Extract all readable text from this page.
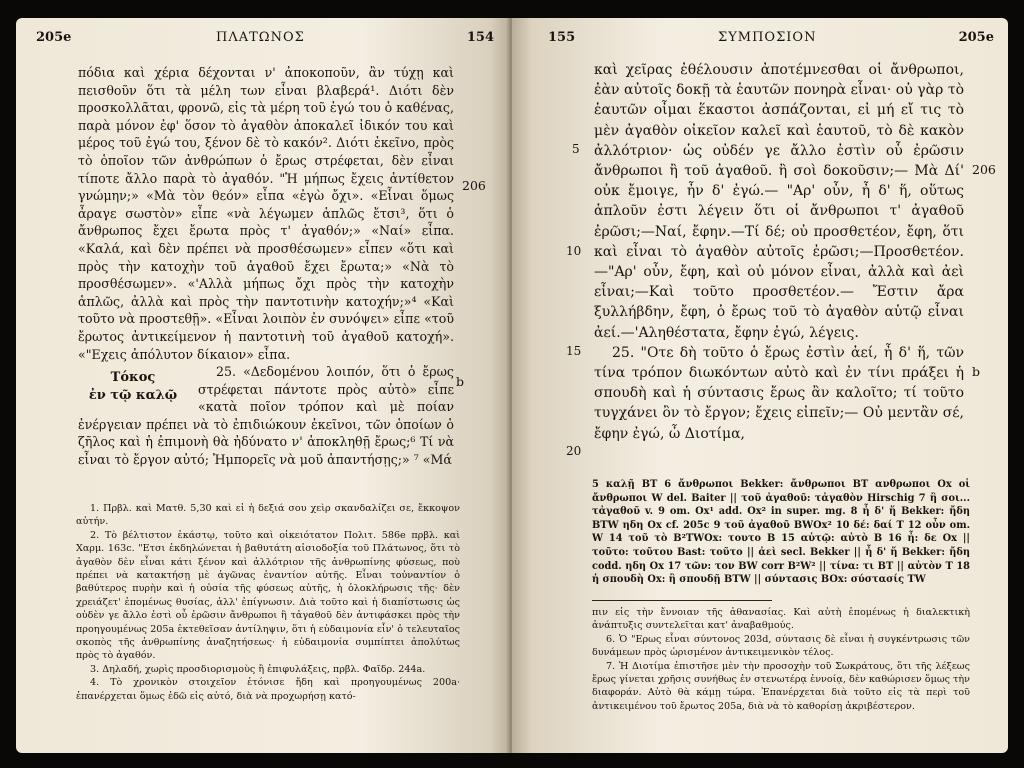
205e	ΠΛΑΤΩΝΟΣ	154

πόδια καὶ χέρια δέχονται ν' ἀποκοποῦν, ἂν τύχῃ καὶ πεισθοῦν ὅτι τὰ μέλη των εἶναι βλαβερά¹. Διότι δὲν προσκολλᾶται, φρονῶ, εἰς τὰ μέρη τοῦ ἐγώ του ὁ καθένας, παρὰ μόνον ἐφ' ὅσον τὸ ἀγαθὸν ἀποκαλεῖ ἰδικόν του καὶ μέρος τοῦ ἐγώ του, ξένον δὲ τὸ κακόν². Διότι ἐκεῖνο, πρὸς τὸ ὁποῖον τῶν ἀνθρώπων ὁ ἔρως στρέφεται, δὲν εἶναι τίποτε ἄλλο παρὰ τὸ ἀγαθόν. "Ἡ μήπως ἔχεις ἀντίθετον γνώμην;» «Μὰ τὸν θεόν» εἶπα «ἐγὼ ὄχι». «Εἶναι ὅμως ἆραγε σωστὸν» εἶπε «νὰ λέγωμεν ἁπλῶς ἔτσι³, ὅτι ὁ ἄνθρωπος ἔχει ἔρωτα πρὸς τ' ἀγαθόν;» «Ναί» εἶπα. «Καλά, καὶ δὲν πρέπει νὰ προσθέσωμεν» εἶπεν «ὅτι καὶ πρὸς τὴν κατοχὴν τοῦ ἀγαθοῦ ἔχει ἔρωτα;» «Νὰ τὸ προσθέσωμεν». «'Αλλὰ μήπως ὄχι πρὸς τὴν κατοχὴν ἁπλῶς, ἀλλὰ καὶ πρὸς τὴν παντοτινὴν κατοχήν;»⁴ «Καὶ τοῦτο νὰ προστεθῇ». «Εἶναι λοιπὸν ἐν συνόψει» εἶπε «τοῦ ἔρωτος ἀντικείμενον ἡ παντοτινὴ τοῦ ἀγαθοῦ κατοχή». «"Εχεις ἀπόλυτον δίκαιον» εἶπα.

25.
Τόκος
ἐν τῷ καλῷ
«Δεδομένου λοιπόν, ὅτι ὁ ἔρως στρέφεται πάντοτε πρὸς αὐτὸ» εἶπε «κατὰ ποῖον τρόπον καὶ μὲ ποίαν ἐνέργειαν πρέπει νὰ τὸ ἐπιδιώκουν ἐκεῖνοι, τῶν ὁποίων ὁ ζῆλος καὶ ἡ ἐπιμονὴ θὰ ἠδύνατο ν' ἀποκληθῇ ἔρως;⁶ Τί νὰ εἶναι τὸ ἔργον αὐτό; Ἠμπορεῖς νὰ μοῦ ἀπαντήσῃς;» ⁷ «Μά

206
b

1. Πρβλ. καὶ Ματθ. 5,30 καὶ εἰ ἡ δεξιά σου χεὶρ σκανδαλίζει σε, ἔκκοψον αὐτήν.

2. Τὸ βέλτιστον ἑκάστῳ, τοῦτο καὶ οἰκειότατον Πολιτ. 586e πρβλ. καὶ Χαρμ. 163c. "Ετσι ἐκδηλώνεται ἡ βαθυτάτη αἰσιοδοξία τοῦ Πλάτωνος, ὅτι τὸ ἀγαθὸν δὲν εἶναι κάτι ξένον καὶ ἀλλότριον τῆς ἀνθρωπίνης φύσεως, ποὺ πρέπει νὰ κατακτήσῃ μὲ ἀγῶνας ἐναντίον αὐτῆς. Εἶναι τοὐναντίον ὁ βαθύτερος πυρὴν καὶ ἡ οὐσία τῆς φύσεως αὐτῆς, ἡ ὁλοκλήρωσις τῆς· δὲν χρειάζετ' ἑπομένως θυσίας, ἀλλ' ἐπίγνωσιν. Διὰ τοῦτο καὶ ἡ διαπίστωσις ὡς οὐδὲν γε ἄλλο ἐστὶ οὗ ἐρῶσιν ἄνθρωποι ἢ τἀγαθοῦ δὲν ἀντιφάσκει πρὸς τὴν προηγουμένως 205a ἐκτεθεῖσαν ἀντίληψιν, ὅτι ἡ εὐδαιμονία εἶν' ὁ τελευταῖος σκοπὸς τῆς ἀνθρωπίνης ἀναζητήσεως· ἡ εὐδαιμονία συμπίπτει ἀπολύτως πρὸς τὸ ἀγαθόν.

3. Δηλαδή, χωρὶς προσδιορισμοὺς ἢ ἐπιφυλάξεις, πρβλ. Φαῖδρ. 244a.

4. Τὸ χρονικὸν στοιχεῖον ἐτόνισε ἤδη καὶ προηγουμένως 200a· ἐπανέρχεται ὅμως ἐδῶ εἰς αὐτό, διὰ νὰ προχωρήσῃ κατό-

155	ΣΥΜΠΟΣΙΟΝ	205e

καὶ χεῖρας ἐθέλουσιν ἀποτέμνεσθαι οἱ ἄνθρωποι, ἐὰν αὐτοῖς δοκῇ τὰ ἑαυτῶν πονηρὰ εἶναι· οὐ γὰρ τὸ ἑαυτῶν οἶμαι ἕκαστοι ἀσπάζονται, εἰ μή εἴ τις τὸ μὲν ἀγαθὸν οἰκεῖον καλεῖ καὶ ἑαυτοῦ, τὸ δὲ κακὸν ἀλλότριον· ὡς οὐδέν γε ἄλλο ἐστὶν οὗ ἐρῶσιν ἄνθρωποι ἢ τοῦ ἀγαθοῦ. ἢ σοὶ δοκοῦσιν;— Μὰ Δί' οὐκ ἔμοιγε, ἦν δ' ἐγώ.— "Αρ' οὖν, ἦ δ' ἥ, οὕτως ἁπλοῦν ἐστι λέγειν ὅτι οἱ ἄνθρωποι τ' ἀγαθοῦ ἐρῶσι;—Ναί, ἔφην.—Τί δέ; οὐ προσθετέον, ἔφη, ὅτι καὶ εἶναι τὸ ἀγαθὸν αὐτοῖς ἐρῶσι;—Προσθετέον.—"Αρ' οὖν, ἔφη, καὶ οὐ μόνον εἶναι, ἀλλὰ καὶ ἀεὶ εἶναι;—Καὶ τοῦτο προσθετέον.— Ἔστιν ἄρα ξυλλήβδην, ἔφη, ὁ ἔρως τοῦ τὸ ἀγαθὸν αὑτῷ εἶναι ἀεί.—'Αληθέστατα, ἔφην ἐγώ, λέγεις.

25. "Οτε δὴ τοῦτο ὁ ἔρως ἐστὶν ἀεί, ἦ δ' ἥ, τῶν τίνα τρόπον διωκόντων αὐτὸ καὶ ἐν τίνι πράξει ἡ σπουδὴ καὶ ἡ σύντασις ἔρως ἂν καλοῖτο; τί τοῦτο τυγχάνει ὂν τὸ ἔργον; ἔχεις εἰπεῖν;— Οὐ μεντἂν σέ, ἔφην ἐγώ, ὦ Διοτίμα,

5
10
15
20
206
b
5 καλῇ BT 6 ἄνθρωποι Bekker: ἄνθρωποι BT ανθρωποι Ox οἱ ἄνθρωποι W del. Baiter || τοῦ ἀγαθοῦ: τἀγαθὸν Hirschig 7 ἢ σοι... τἀγαθοῦ v. 9 om. Ox¹ add. Ox² in super. mg. 8 ἦ δ' ἥ Bekker: ἤδη BTW ηδη Ox cf. 205c 9 τοῦ ἀγαθοῦ BWOx² 10 δέ: δαί T 12 οὖν om. W 14 τοῦ τὸ B²TWOx: τουτο B 15 αὑτῷ: αὐτὸ B 16 ἦ: δε Ox || τοῦτο: τοῦτου Bast: τοῦτο || ἀεὶ secl. Bekker || ἦ δ' ἥ Bekker: ἤδη codd. ηδη Ox 17 τῶν: τον BW corr B²W² || τίνα: τι BT || αὐτὸν T 18 ἡ σπουδὴ Ox: ἢ σπουδῇ BTW || σύντασις BOx: σύστασίς TW

πιν εἰς τὴν ἔννοιαν τῆς ἀθανασίας. Καὶ αὐτὴ ἑπομένως ἡ διαλεκτικὴ ἀνάπτυξις συντελεῖται κατ' ἀναβαθμούς.

6. Ὁ "Ερως εἶναι σύντονος 203d, σύντασις δὲ εἶναι ἡ συγκέντρωσις τῶν δυνάμεων πρὸς ὡρισμένον ἀντικειμενικὸν τέλος.

7. Ἡ Διοτίμα ἐπιστῆσε μὲν τὴν προσοχὴν τοῦ Σωκράτους, ὅτι τῆς λέξεως ἔρως γίνεται χρῆσις συνήθως ἐν στενωτέρᾳ ἐννοίᾳ, δὲν καθώρισεν ὅμως τὴν διαφοράν. Αὐτὸ θὰ κάμῃ τώρα. Ἐπανέρχεται διὰ τοῦτο εἰς τὰ περὶ τοῦ ἀντικειμένου τοῦ ἔρωτος 205a, διὰ νὰ τὸ καθορίσῃ ἀκριβέστερον.
